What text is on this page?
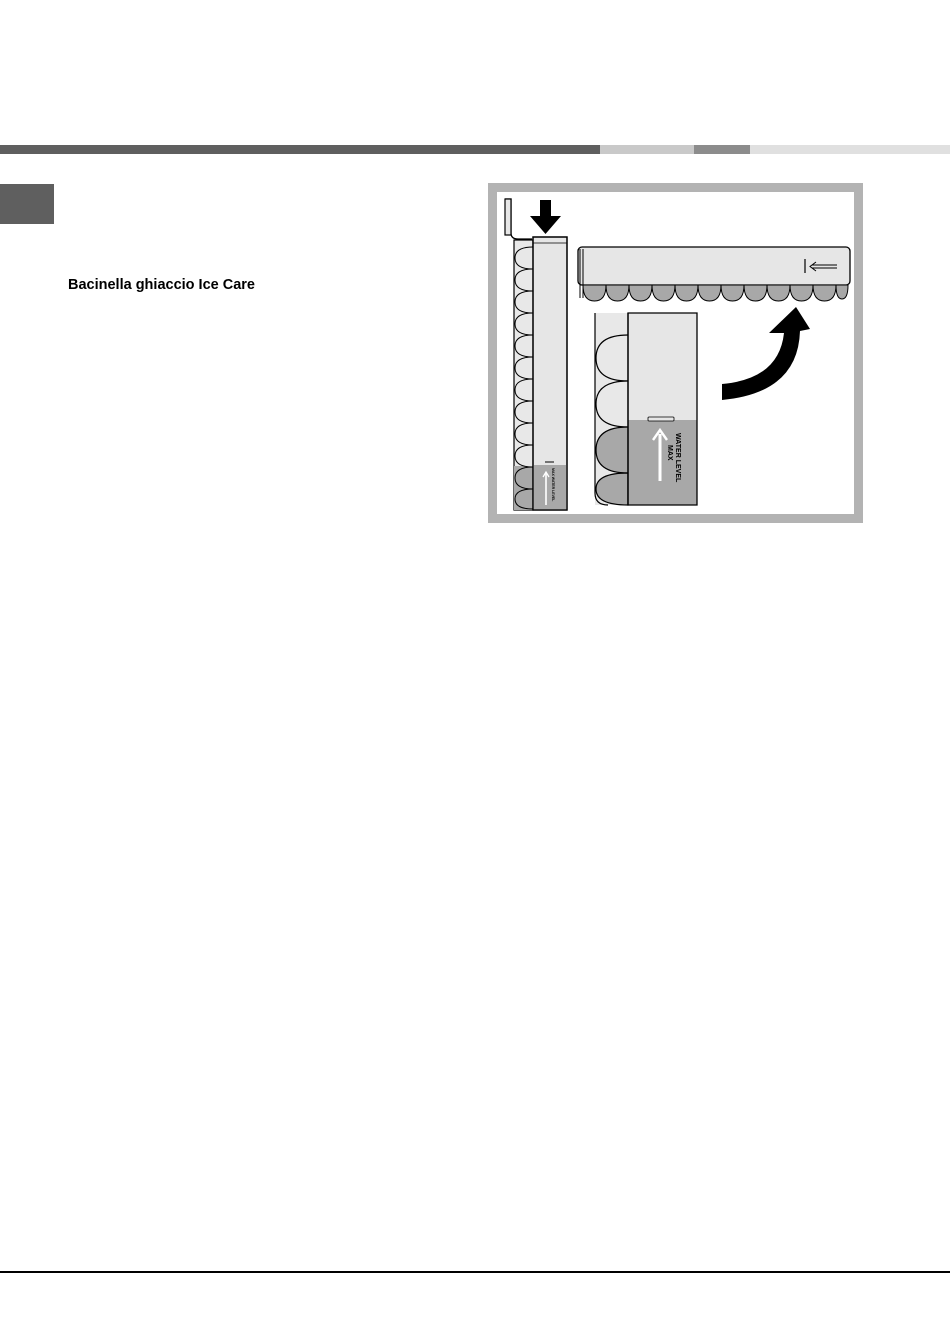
Bacinella ghiaccio Ice Care
MAX WATER LEVEL
MAX WATER LEVEL
